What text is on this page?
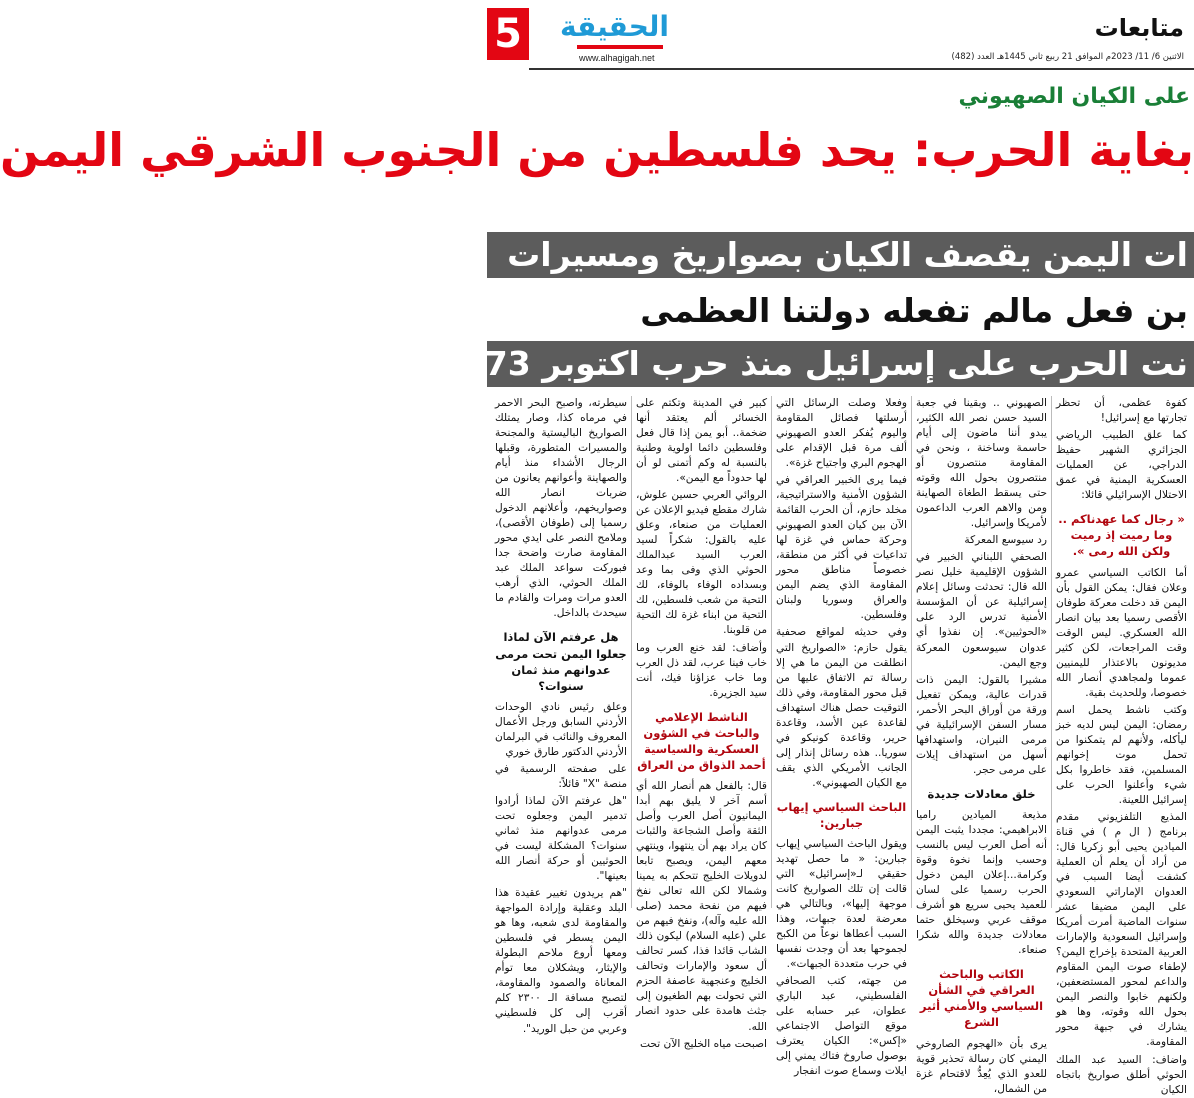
5 الحقيقة
www.alhagigah.net
متابعات
الاثنين 6/ 11/ 2023م الموافق 21 ربيع ثاني 1445هـ العدد (482)
على الكيان الصهيوني
بغاية الحرب: يحد فلسطين من الجنوب الشرقي اليمن
ات اليمن يقصف الكيان بصواريخ ومسيرات
بن فعل مالم تفعله دولتنا العظمى
نت الحرب على إسرائيل منذ حرب اكتوبر 1973.
كفوة عظمى، أن تحظر تجارتها مع إسرائيل!
كما علق الطبيب الرياضي الجزائري الشهير حفيظ الدراجي، عن العمليات العسكرية اليمنية في عمق الاحتلال الإسرائيلي قائلا:
« رجال كما عهدناكم .. وما رميت إذ رميت ولكن الله رمى ».
أما الكاتب السياسي عمرو وعلان فقال: يمكن القول بأن اليمن قد دخلت معركة طوفان الأقصى رسميا بعد بيان انصار الله العسكري. ليس الوقت وقت المراجعات، لكن كثير مديونون بالاعتذار لليمنيين عموما ولمجاهدي أنصار الله خصوصا، وللحديث بقية.
وكتب ناشط يحمل اسم رمضان: اليمن ليس لديه خبز ليأكله، ولأنهم لم يتمكنوا من تحمل موت إخوانهم المسلمين، فقد خاطروا بكل شيء وأعلنوا الحرب على إسرائيل اللعينة.
المذيع التلفزيوني مقدم برنامج ( ال م ) في قناة الميادين يحيى أبو زكريا قال: من أراد أن يعلم أن العملية كشفت أيضا السبب في العدوان الإماراتي السعودي على اليمن مضيفا عشر سنوات الماضية أمرت أمريكا وإسرائيل السعودية والإمارات العربية المتحدة بإخراج اليمن؟ لإطفاء صوت اليمن المقاوم والداعم لمحور المستضعفين، ولكنهم خابوا والنصر اليمن بحول الله وقوته، وها هو يشارك في جبهة محور المقاومة.
واضاف: السيد عبد الملك الحوثي أطلق صواريخ باتجاه الكيان
الصهيوني .. وبقينا في جعبة السيد حسن نصر الله الكثير، يبدو أننا ماضون إلى أيام حاسمة وساخنة ، ونحن في المقاومة منتصرون أو منتصرون بحول الله وقوته حتى يسقط الطغاة الصهاينة ومن والاهم العرب الداعمون لأمريكا وإسرائيل.
رد سيوسع المعركة
الصحفي اللبناني الخبير في الشؤون الإقليمية خليل نصر الله قال: تحدثت وسائل إعلام إسرائيلية عن أن المؤسسة الأمنية تدرس الرد على «الحوثيين». إن نفذوا أي عدوان سيوسعون المعركة وجع اليمن.
مشيرا بالقول: اليمن ذات قدرات عالية، ويمكن تفعيل ورقة من أوراق البحر الأحمر، مسار السفن الإسرائيلية في مرمى النيران، واستهدافها أسهل من استهداف إيلات على مرمى حجر.
خلق معادلات جديدة
مذيعة الميادين راميا الابراهيمي: مجددا يثبت اليمن أنه أصل العرب ليس بالنسب وحسب وإنما نخوة وقوة وكرامة...إعلان اليمن دخول الحرب رسميا على لسان للعميد يحيى سريع هو أشرف موقف عربي وسيخلق حتما معادلات جديدة والله شكرا صنعاء.
الكاتب والباحث العراقي في الشأن السياسي والأمني أثير الشرع
يرى بأن «الهجوم الصاروخي اليمني كان رسالة تحذير قوية للعدو الذي يُعِدُّ لاقتحام غزة من الشمال،
وفعلا وصلت الرسائل التي أرسلتها فصائل المقاومة واليوم يُفكر العدو الصهيوني ألف مرة قبل الإقدام على الهجوم البري واجتياح غزة».
فيما يرى الخبير العراقي في الشؤون الأمنية والاستراتيجية، مخلد حازم، أن الحرب القائمة الآن بين كيان العدو الصهيوني وحركة حماس في غزة لها تداعيات في أكثر من منطقة، خصوصاً مناطق محور المقاومة الذي يضم اليمن والعراق وسوريا ولبنان وفلسطين.
وفي حديثه لمواقع صحفية يقول حازم: «الصواريخ التي انطلقت من اليمن ما هي إلا رسالة تم الاتفاق عليها من قبل محور المقاومة، وفي ذلك التوقيت حصل هناك استهداف لقاعدة عين الأسد، وقاعدة حرير، وقاعدة كونيكو في سوريا.. هذه رسائل إنذار إلى الجانب الأمريكي الذي يقف مع الكيان الصهيوني».
الباحث السياسي إيهاب جبارين:
ويقول الباحث السياسي إيهاب جبارين: « ما حصل تهديد حقيقي لـ«إسرائيل» التي قالت إن تلك الصواريخ كانت موجهة إليها»، وبالتالي هي معرضة لعدة جبهات، وهذا السبب أعطاها نوعاً من الكبح لجموحها بعد أن وجدت نفسها في حرب متعددة الجبهات».
من جهته، كتب الصحافي الفلسطيني، عبد الباري عطوان، عبر حسابه على موقع التواصل الاجتماعي «إكس»: الكيان يعترف بوصول صاروخ فتاك يمني إلى ايلات وسماع صوت انفجار
كبير في المدينة وتكتم على الخسائر ألم يعتقد أنها ضخمة.. أبو يمن إذا قال فعل وفلسطين دائما اولوية وطنية بالنسبة له وكم أتمنى لو أن لها حدوداً مع اليمن».
الروائي العربي حسين علوش، شارك مقطع فيديو الإعلان عن العمليات من صنعاء، وعلق عليه بالقول: شكراً لسيد العرب السيد عبدالملك الحوثي الذي وفى بما وعد وبسداده الوفاء بالوفاء، لك التحية من شعب فلسطين، لك التحية من ابناء غزة لك التحية من قلوبنا.
وأضاف: لقد خنع العرب وما خاب فينا عرب، لقد ذل العرب وما خاب عزاؤنا فيك، أنت سيد الجزيرة.
الناشط الإعلامي والباحث في الشؤون العسكرية والسياسية أحمد الذواق من العراق
قال: بالفعل هم أنصار الله أي أسم آخر لا يليق بهم أبدا اليمانيون أصل العرب وأصل الثقة وأصل الشجاعة والثبات كان يراد بهم أن ينتهوا، وينتهي معهم اليمن، ويصبح تابعا لدويلات الخليج تتحكم به يمينا وشمالا لكن الله تعالى نفخ فيهم من نفحة محمد (صلى الله عليه وآله)، ونفخ فيهم من علي (عليه السلام) ليكون ذلك الشاب قائدا فذا، كسر تحالف أل سعود والإمارات وتحالف الخليج وعنجهية عاصفة الحزم التي تحولت بهم الطغيون إلى جثث هامدة على حدود انصار الله.
اصبحت مياه الخليج الآن تحت
سيطرته، واصبح البحر الاحمر في مرماه كذا، وصار يمتلك الصواريخ الباليستية والمجنحة والمسيرات المتطورة، وقبلها الرجال الأشداء منذ أيام والصهاينة وأعوانهم يعانون من ضربات انصار الله وصواريخهم، وأعلانهم الدخول رسميا إلى (طوفان الأقصى)، وملامح النصر على ايدي محور المقاومة صارت واضحة جدا فبوركت سواعد الملك عبد الملك الحوثي، الذي أرهب العدو مرات ومرات والقادم ما سيحدث بالداخل.
هل عرفتم الآن لماذا جعلوا اليمن تحت مرمى عدوانهم منذ ثمان سنوات؟
وعلق رئيس نادي الوحدات الأردني السابق ورجل الأعمال المعروف والنائب في البرلمان الأردني الدكتور طارق خوري
على صفحته الرسمية في منصة "X" قائلاً:
"هل عرفتم الآن لماذا أرادوا تدمير اليمن وجعلوه تحت مرمى عدوانهم منذ ثماني سنوات؟ المشكلة ليست في الحوثيين أو حركة أنصار الله بعينها".
"هم يريدون تغيير عقيدة هذا البلد وعقلية وإرادة المواجهة والمقاومة لدى شعبه، وها هو اليمن يسطر في فلسطين ومعها أروع ملاحم البطولة والإيثار، ويشكلان معا توأم المعاناة والصمود والمقاومة، لتصبح مسافة الـ ٢٣٠٠ كلم أقرب إلى كل فلسطيني وعربي من حبل الوريد".
